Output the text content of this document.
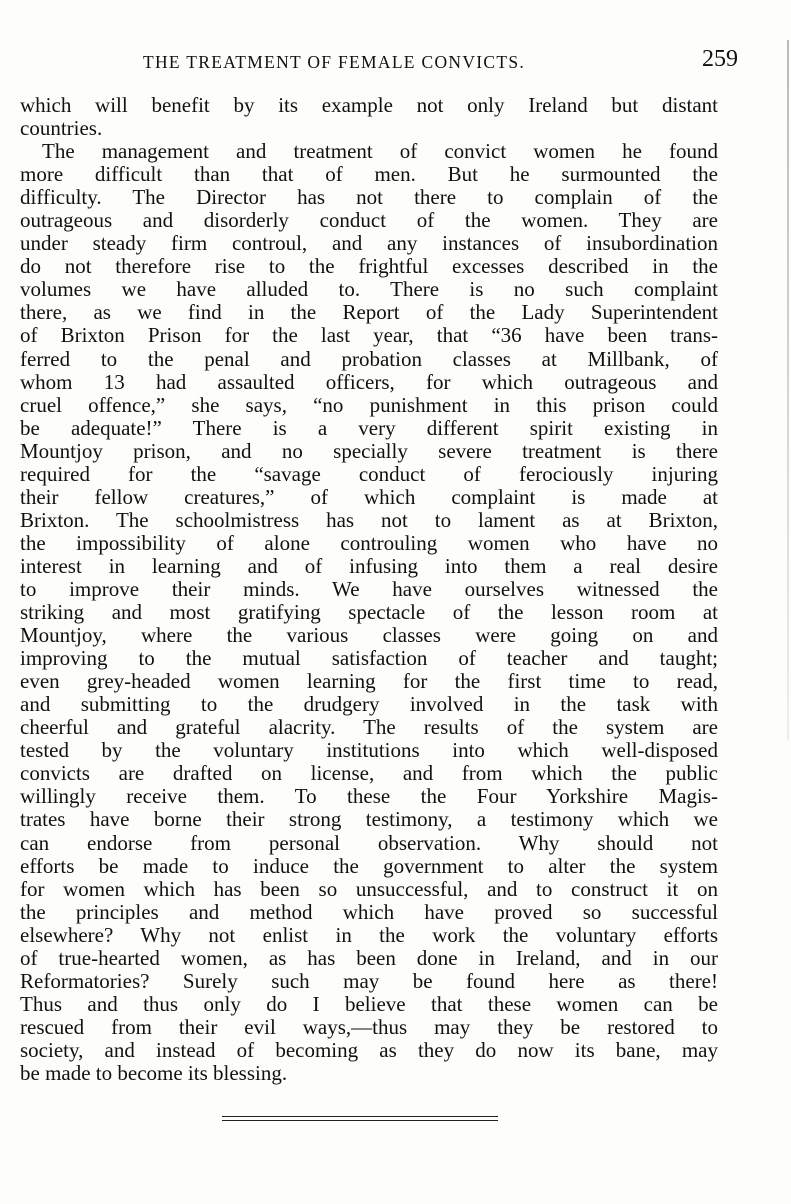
THE TREATMENT OF FEMALE CONVICTS.	259
which will benefit by its example not only Ireland but distant
countries.
The management and treatment of convict women he found
more difficult than that of men. But he surmounted the
difficulty. The Director has not there to complain of the
outrageous and disorderly conduct of the women. They are
under steady firm controul, and any instances of insubordination
do not therefore rise to the frightful excesses described in the
volumes we have alluded to. There is no such complaint
there, as we find in the Report of the Lady Superintendent
of Brixton Prison for the last year, that “36 have been trans-
ferred to the penal and probation classes at Millbank, of
whom 13 had assaulted officers, for which outrageous and
cruel offence,” she says, “no punishment in this prison could
be adequate!” There is a very different spirit existing in
Mountjoy prison, and no specially severe treatment is there
required for the “savage conduct of ferociously injuring
their fellow creatures,” of which complaint is made at
Brixton. The schoolmistress has not to lament as at Brixton,
the impossibility of alone controuling women who have no
interest in learning and of infusing into them a real desire
to improve their minds. We have ourselves witnessed the
striking and most gratifying spectacle of the lesson room at
Mountjoy, where the various classes were going on and
improving to the mutual satisfaction of teacher and taught;
even grey-headed women learning for the first time to read,
and submitting to the drudgery involved in the task with
cheerful and grateful alacrity. The results of the system are
tested by the voluntary institutions into which well-disposed
convicts are drafted on license, and from which the public
willingly receive them. To these the Four Yorkshire Magis-
trates have borne their strong testimony, a testimony which we
can endorse from personal observation. Why should not
efforts be made to induce the government to alter the system
for women which has been so unsuccessful, and to construct it on
the principles and method which have proved so successful
elsewhere? Why not enlist in the work the voluntary efforts
of true-hearted women, as has been done in Ireland, and in our
Reformatories? Surely such may be found here as there!
Thus and thus only do I believe that these women can be
rescued from their evil ways,—thus may they be restored to
society, and instead of becoming as they do now its bane, may
be made to become its blessing.
